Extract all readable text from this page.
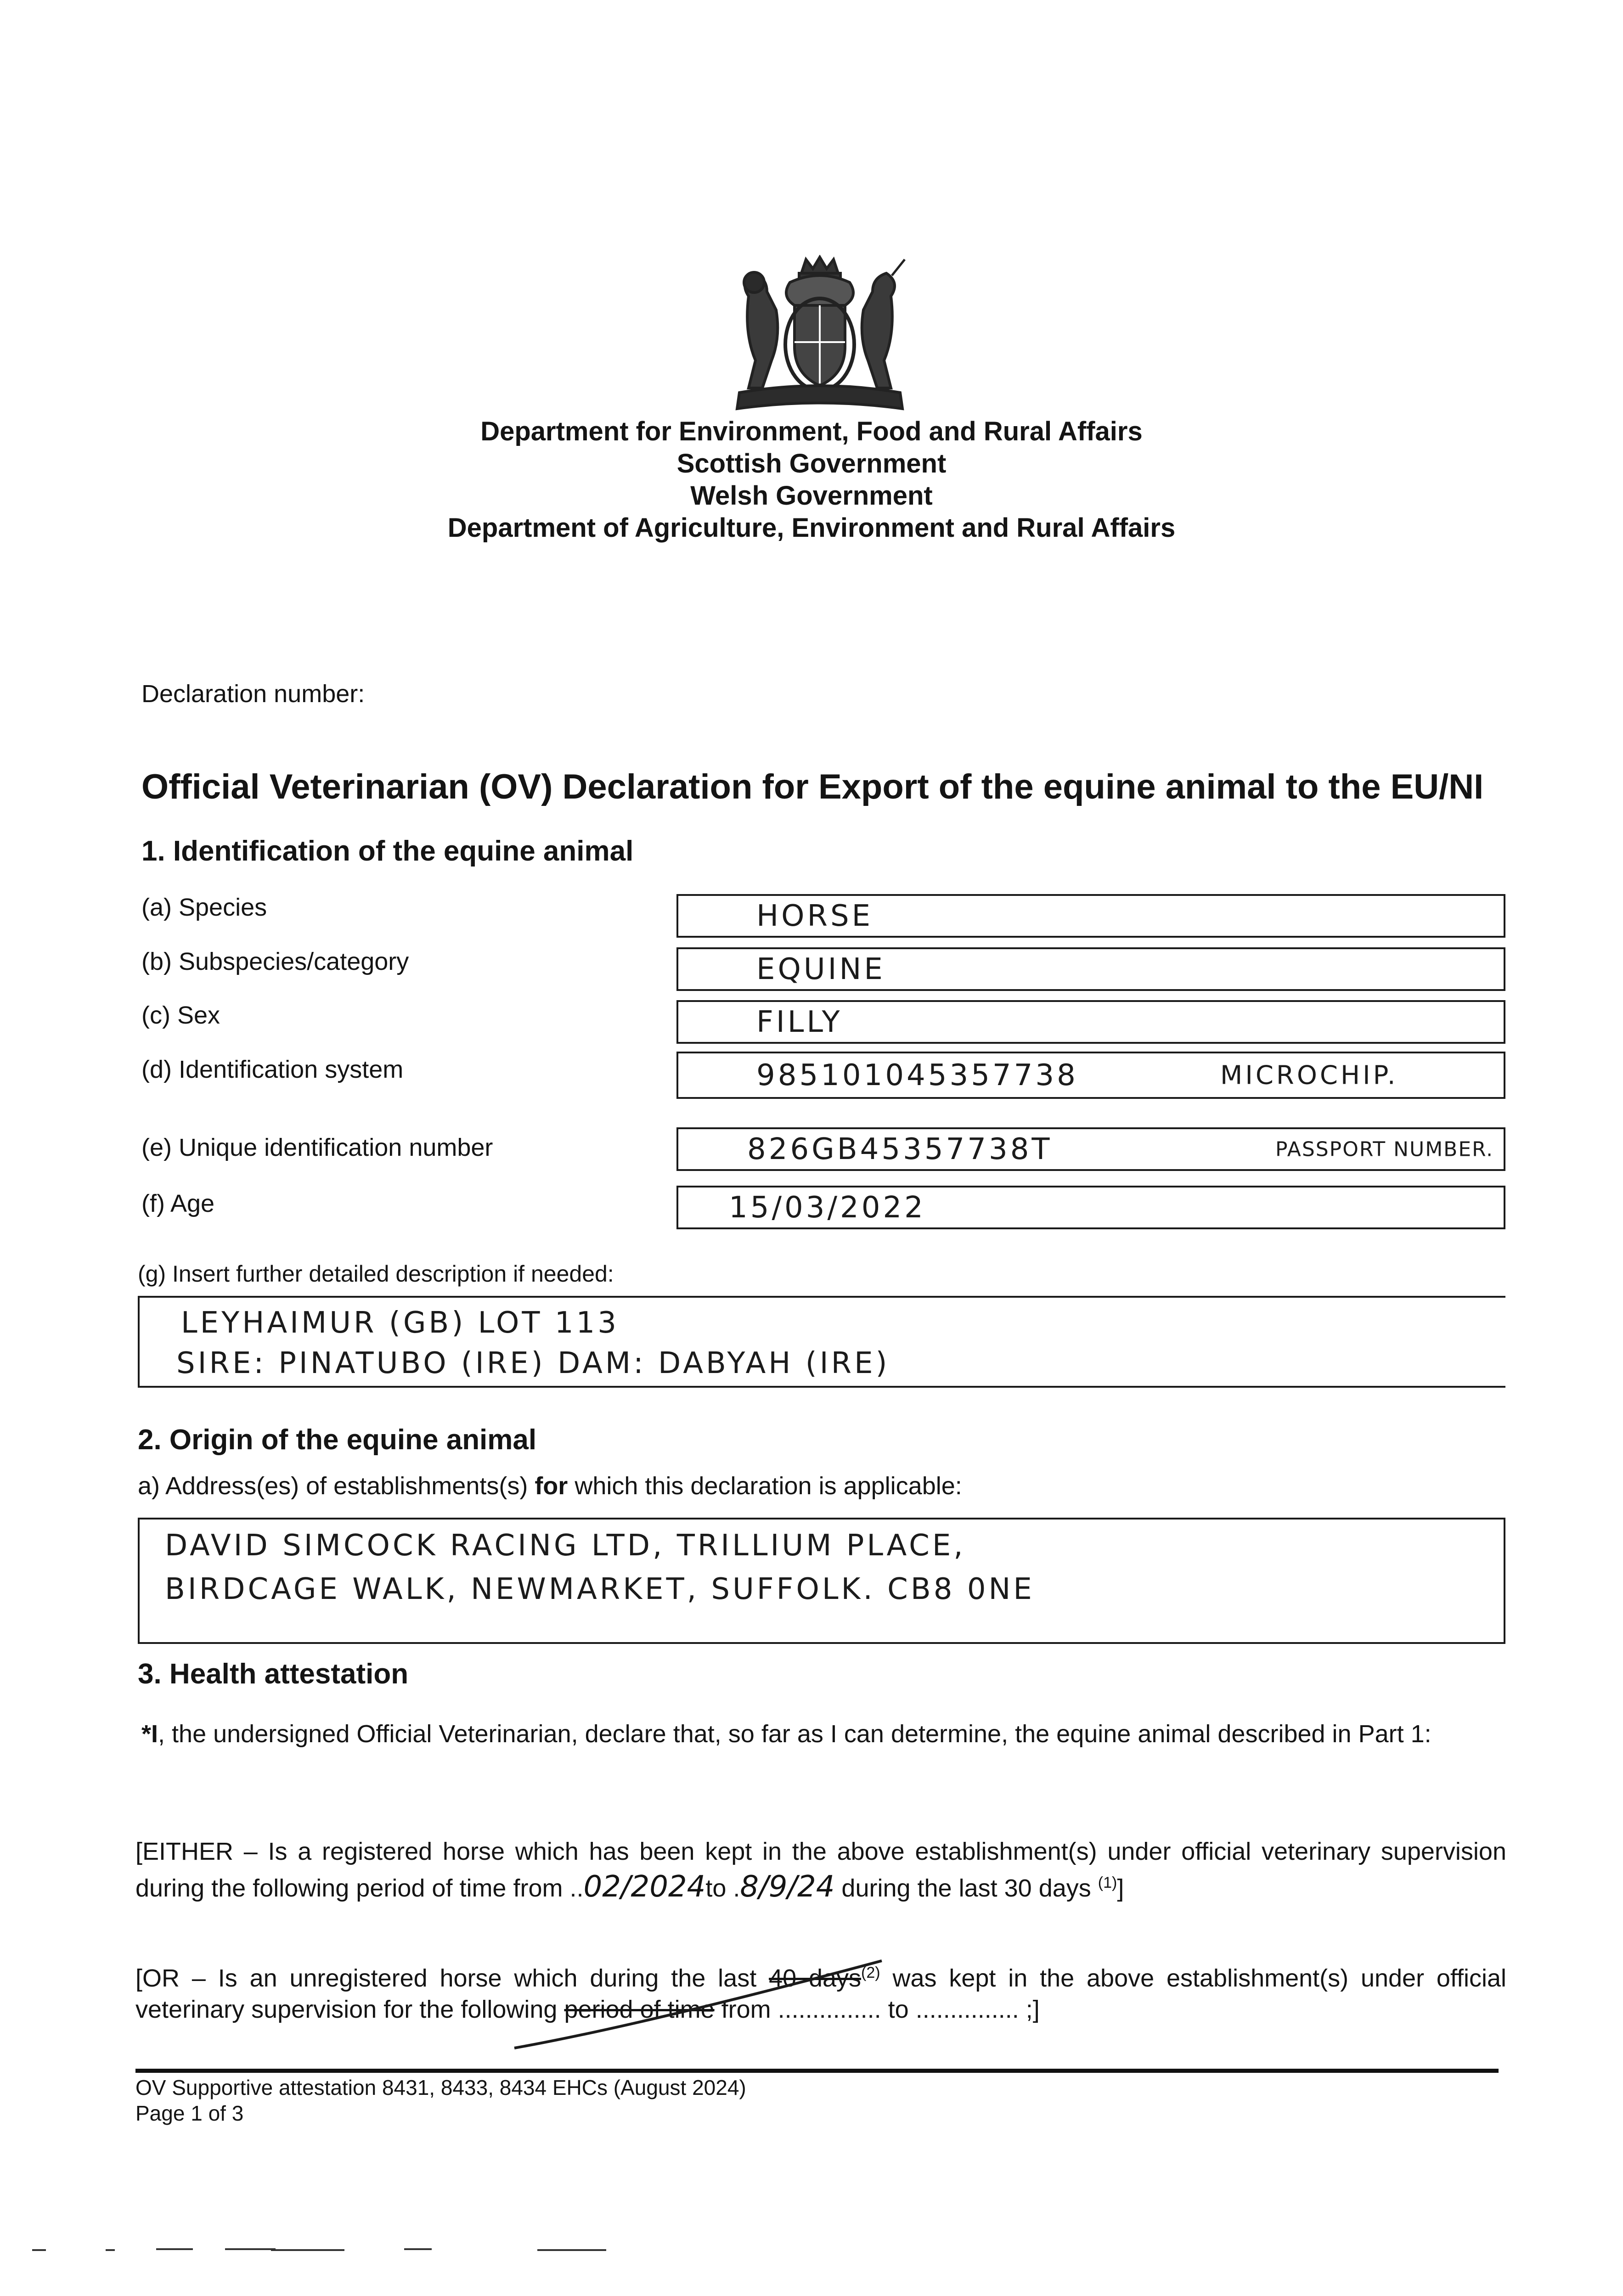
Department for Environment, Food and Rural Affairs
Scottish Government
Welsh Government
Department of Agriculture, Environment and Rural Affairs
Declaration number:
Official Veterinarian (OV) Declaration for Export of the equine animal to the EU/NI
1. Identification of the equine animal
(a) Species	HORSE
(b) Subspecies/category	EQUINE
(c) Sex	FILLY
(d) Identification system	985101045357738	MICROCHIP.
(e) Unique identification number	826GB45357738T	PASSPORT NUMBER.
(f) Age	15/03/2022
(g) Insert further detailed description if needed:
LEYHAIMUR (GB) LOT 113
SIRE: PINATUBO (IRE) DAM: DABYAH (IRE)
2. Origin of the equine animal
a) Address(es) of establishments(s) for which this declaration is applicable:
DAVID SIMCOCK RACING LTD, TRILLIUM PLACE,
BIRDCAGE WALK, NEWMARKET, SUFFOLK. CB8 0NE
3. Health attestation
*I, the undersigned Official Veterinarian, declare that, so far as I can determine, the equine animal described in Part 1:
[EITHER – Is a registered horse which has been kept in the above establishment(s) under official veterinary supervision during the following period of time from ..02/2024to .8/9/24 during the last 30 days $^{(1)}$]
[OR – Is an unregistered horse which during the last 40 days$^{(2)}$ was kept in the above establishment(s) under official veterinary supervision for the following period of time from ............... to ............... ;]
OV Supportive attestation 8431, 8433, 8434 EHCs (August 2024)
Page 1 of 3
